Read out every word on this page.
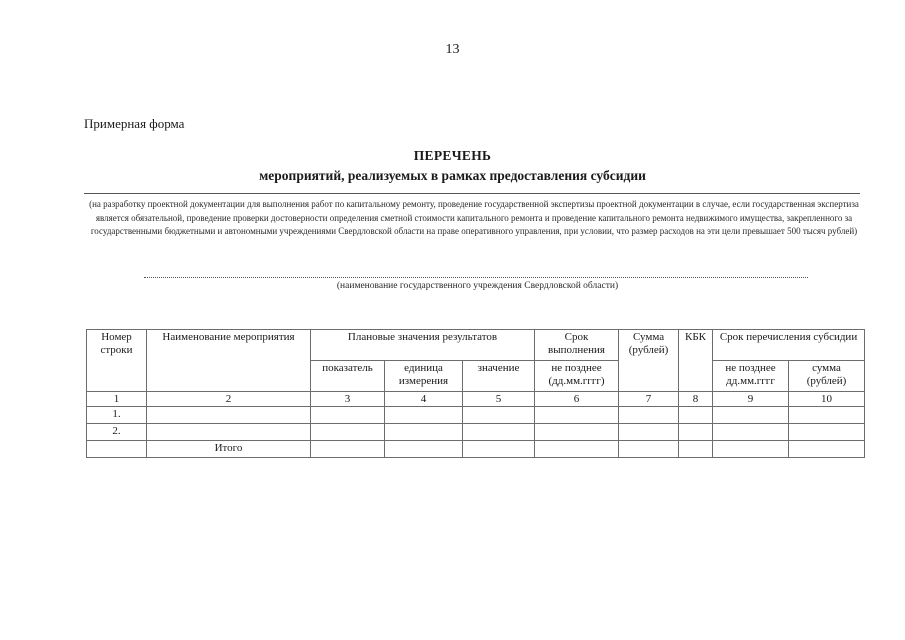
13
Примерная форма
ПЕРЕЧЕНЬ
мероприятий, реализуемых в рамках предоставления субсидии
(на разработку проектной документации для выполнения работ по капитальному ремонту, проведение государственной экспертизы проектной документации в случае, если государственная экспертиза является обязательной, проведение проверки достоверности определения сметной стоимости капитального ремонта и проведение капитального ремонта недвижимого имущества, закрепленного за государственными бюджетными и автономными учреждениями Свердловской области на праве оперативного управления, при условии, что размер расходов на эти цели превышает 500 тысяч рублей)
(наименование государственного учреждения Свердловской области)
Номер строки	Наименование мероприятия	Плановые значения результатов			Срок выполнения	Сумма (рублей)	КБК	Срок перечисления субсидии	
		показатель	единица измерения	значение	не позднее (дд.мм.гггг)			не позднее дд.мм.гггг	сумма (рублей)
1	2	3	4	5	6	7	8	9	10
1.									
2.									
	Итого								
